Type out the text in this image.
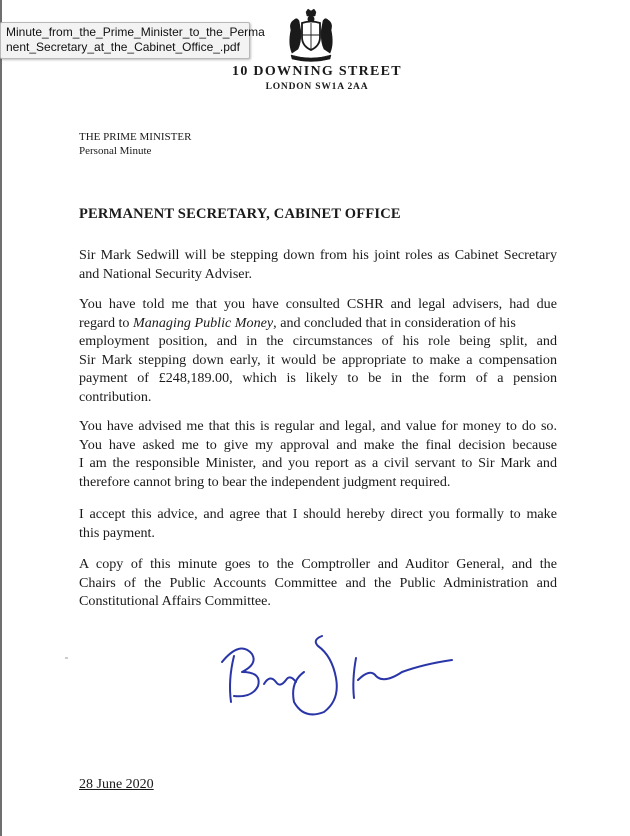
10 DOWNING STREET
LONDON SW1A 2AA
THE PRIME MINISTER
Personal Minute
PERMANENT SECRETARY, CABINET OFFICE
Sir Mark Sedwill will be stepping down from his joint roles as Cabinet Secretary
and National Security Adviser.
You have told me that you have consulted CSHR and legal advisers, had due
regard to Managing Public Money, and concluded that in consideration of his
employment position, and in the circumstances of his role being split, and
Sir Mark stepping down early, it would be appropriate to make a compensation
payment of £248,189.00, which is likely to be in the form of a pension
contribution.
You have advised me that this is regular and legal, and value for money to do so.
You have asked me to give my approval and make the final decision because
I am the responsible Minister, and you report as a civil servant to Sir Mark and
therefore cannot bring to bear the independent judgment required.
I accept this advice, and agree that I should hereby direct you formally to make
this payment.
A copy of this minute goes to the Comptroller and Auditor General, and the
Chairs of the Public Accounts Committee and the Public Administration and
Constitutional Affairs Committee.
28 June 2020
Minute_from_the_Prime_Minister_to_the_Perma
nent_Secretary_at_the_Cabinet_Office_.pdf
